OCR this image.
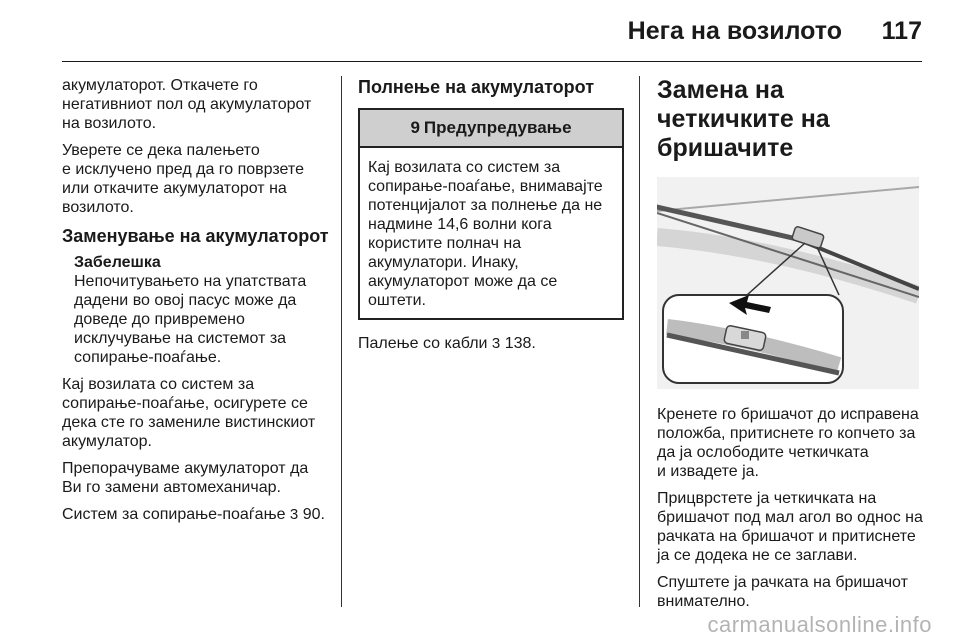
Нега на возилото 117

акумулаторот. Откачете го
негативниот пол од акумулаторот
на возилото.

Уверете се дека палењето
е исклучено пред да го поврзете
или откачите акумулаторот на
возилото.

Заменување на акумулаторот
Забелешка

Непочитувањето на упатствата
дадени во овој пасус може да
доведе до привремено
исклучување на системот за
сопирање-поаѓање.

Кај возилата со систем за
сопирање-поаѓање, осигурете се
дека сте го замениле вистинскиот
акумулатор.

Препорачуваме акумулаторот да
Ви го замени автомеханичар.

Систем за сопирање-поаѓање 3 90.

Полнење на акумулаторот
9 Предупредување
Кај возилата со систем за
сопирање-поаѓање, внимавајте
потенцијалот за полнење да не
надмине 14,6 волни кога
користите полнач на
акумулатори. Инаку,
акумулаторот може да се
оштети.

Палење со кабли 3 138.

Замена на четкичките на
бришачите

Кренете го бришачот до исправена
положба, притиснете го копчето за
да ја ослободите четкичката
и извадете ја.

Прицврстете ја четкичката на
бришачот под мал агол во однос на
рачката на бришачот и притиснете
ја се додека не се заглави.

Спуштете ја рачката на бришачот
внимателно.

carmanualsonline.info
